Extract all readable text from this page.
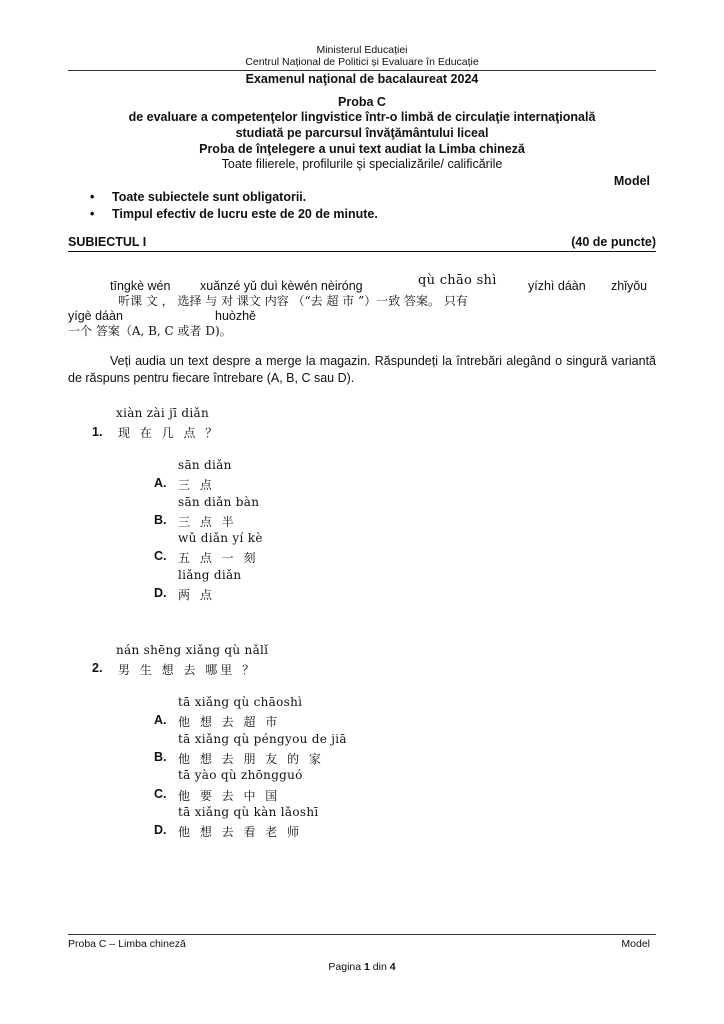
Ministerul Educației
Centrul Național de Politici și Evaluare în Educație
Examenul naţional de bacalaureat 2024
Proba C
de evaluare a competenţelor lingvistice într-o limbă de circulaţie internaţională
studiată pe parcursul învăţământului liceal
Proba de înţelegere a unui text audiat la Limba chineză
Toate filierele, profilurile şi specializările/ calificările
Model
• Toate subiectele sunt obligatorii.
• Timpul efectiv de lucru este de 20 de minute.
SUBIECTUL I	(40 de puncte)
tīngkè wén xuǎnzé yǔ duì kèwén nèiróng	qù chāo shì	yízhì dáàn zhǐyǒu
听课 文 ， 选择 与 对 课文 内容 （“去 超 市 ”）一致 答案。 只有
yígè dáàn	huòzhě
一个 答案（A, B, C 或者 D)。
Veți audia un text despre a merge la magazin. Răspundeți la întrebări alegând o singură variantă de răspuns pentru fiecare întrebare (A, B, C sau D).
xiàn zài jī diǎn
1. 现 在 几 点 ？
sān diǎn
A. 三 点
sān diǎn bàn
B. 三 点 半
wǔ diǎn yí kè
C. 五 点 一 刻
liǎng diǎn
D. 两 点
nán shēng xiǎng qù nǎlǐ
2. 男 生 想 去 哪里 ？
tā xiǎng qù chāoshì
A. 他 想 去 超 市
tā xiǎng qù péngyou de jiā
B. 他 想 去 朋 友 的 家
tā yào qù zhōngguó
C. 他 要 去 中 国
tā xiǎng qù kàn lǎoshī
D. 他 想 去 看 老 师
Proba C – Limba chineză	Model
Pagina 1 din 4
